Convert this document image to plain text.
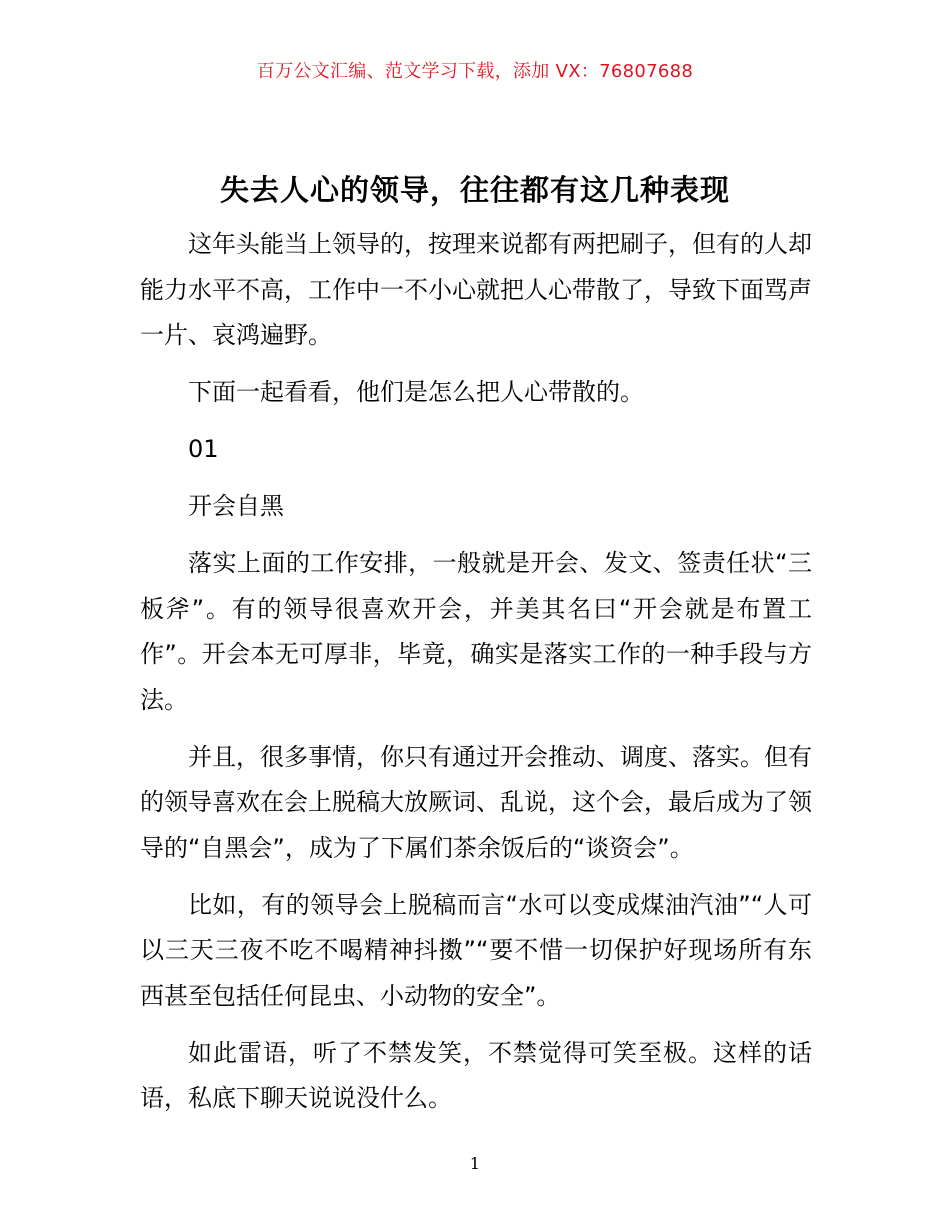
百万公文汇编、范文学习下载，添加 VX：76807688
失去人心的领导，往往都有这几种表现

这年头能当上领导的，按理来说都有两把刷子，但有的人却能力水平不高，工作中一不小心就把人心带散了，导致下面骂声一片、哀鸿遍野。

下面一起看看，他们是怎么把人心带散的。

01

开会自黑

落实上面的工作安排，一般就是开会、发文、签责任状“三板斧”。有的领导很喜欢开会，并美其名曰“开会就是布置工作”。开会本无可厚非，毕竟，确实是落实工作的一种手段与方法。

并且，很多事情，你只有通过开会推动、调度、落实。但有的领导喜欢在会上脱稿大放厥词、乱说，这个会，最后成为了领导的“自黑会”，成为了下属们茶余饭后的“谈资会”。

比如，有的领导会上脱稿而言“水可以变成煤油汽油”“人可以三天三夜不吃不喝精神抖擞”“要不惜一切保护好现场所有东西甚至包括任何昆虫、小动物的安全”。

如此雷语，听了不禁发笑，不禁觉得可笑至极。这样的话语，私底下聊天说说没什么。

1
